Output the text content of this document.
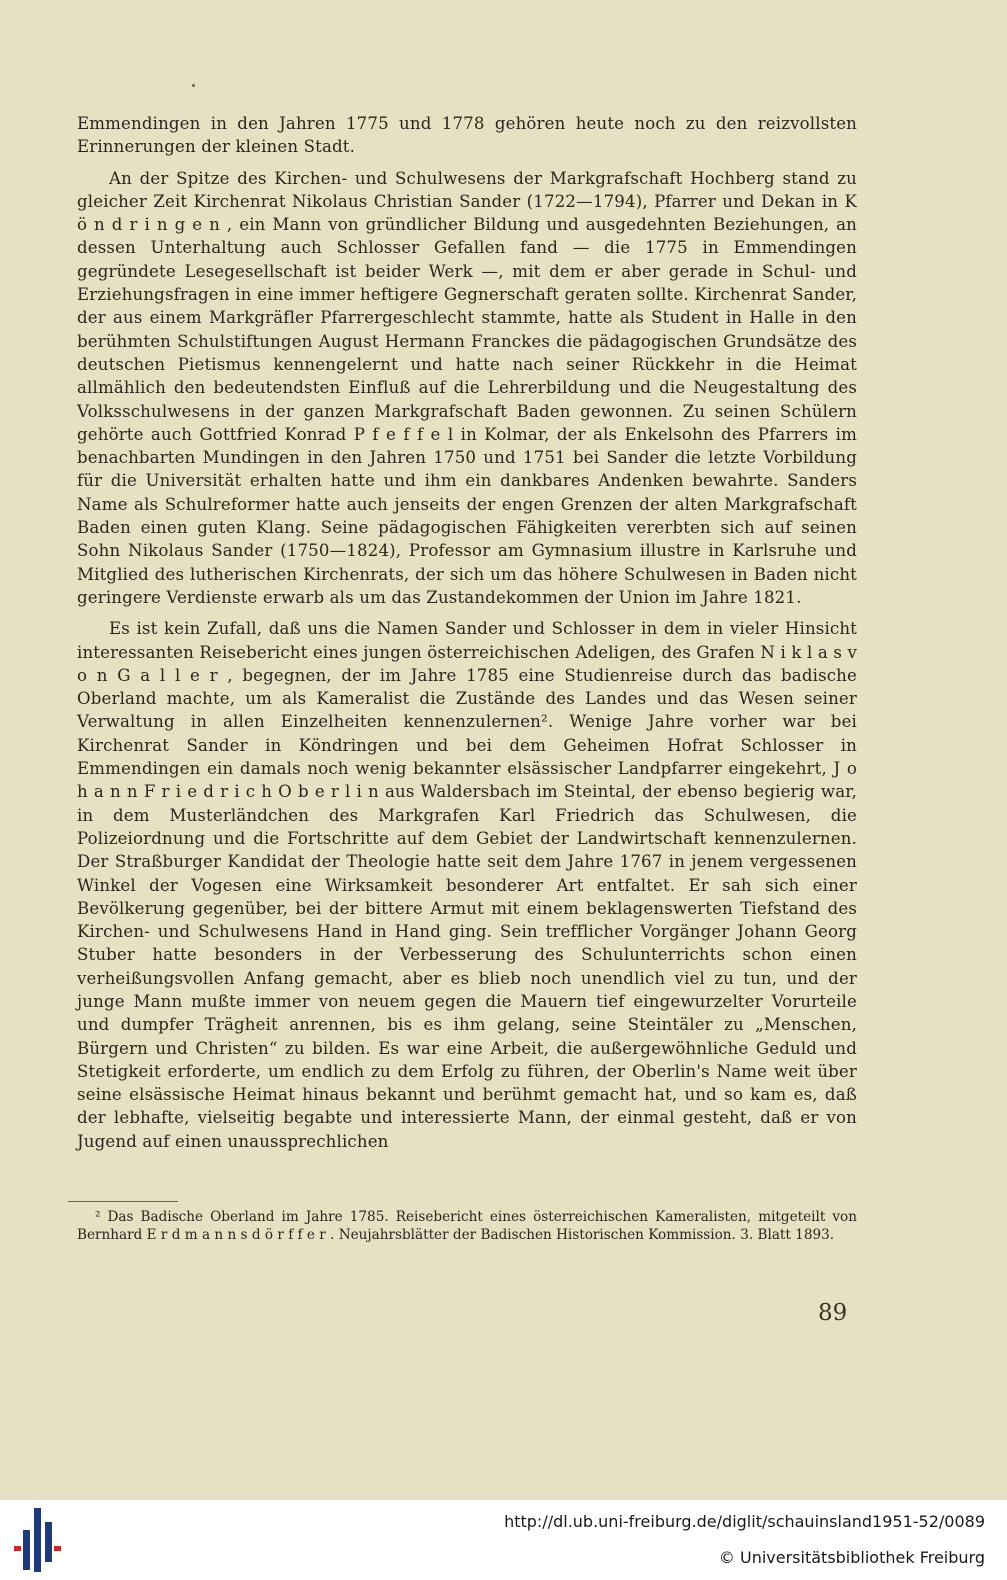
Emmendingen in den Jahren 1775 und 1778 gehören heute noch zu den reizvollsten Erinnerungen der kleinen Stadt.

An der Spitze des Kirchen- und Schulwesens der Markgrafschaft Hochberg stand zu gleicher Zeit Kirchenrat Nikolaus Christian Sander (1722—1794), Pfarrer und Dekan in K ö n d r i n g e n , ein Mann von gründlicher Bildung und ausgedehnten Beziehungen, an dessen Unterhaltung auch Schlosser Gefallen fand — die 1775 in Emmendingen gegründete Lesegesellschaft ist beider Werk —, mit dem er aber gerade in Schul- und Erziehungsfragen in eine immer heftigere Gegnerschaft geraten sollte. Kirchenrat Sander, der aus einem Markgräfler Pfarrergeschlecht stammte, hatte als Student in Halle in den berühmten Schulstiftungen August Hermann Franckes die pädagogischen Grundsätze des deutschen Pietismus kennengelernt und hatte nach seiner Rückkehr in die Heimat allmählich den bedeutendsten Einfluß auf die Lehrerbildung und die Neugestaltung des Volksschulwesens in der ganzen Markgrafschaft Baden gewonnen. Zu seinen Schülern gehörte auch Gottfried Konrad P f e f f e l in Kolmar, der als Enkelsohn des Pfarrers im benachbarten Mundingen in den Jahren 1750 und 1751 bei Sander die letzte Vorbildung für die Universität erhalten hatte und ihm ein dankbares Andenken bewahrte. Sanders Name als Schulreformer hatte auch jenseits der engen Grenzen der alten Markgrafschaft Baden einen guten Klang. Seine pädagogischen Fähigkeiten vererbten sich auf seinen Sohn Nikolaus Sander (1750—1824), Professor am Gymnasium illustre in Karlsruhe und Mitglied des lutherischen Kirchenrats, der sich um das höhere Schulwesen in Baden nicht geringere Verdienste erwarb als um das Zustandekommen der Union im Jahre 1821.

Es ist kein Zufall, daß uns die Namen Sander und Schlosser in dem in vieler Hinsicht interessanten Reisebericht eines jungen österreichischen Adeligen, des Grafen N i k l a s v o n G a l l e r , begegnen, der im Jahre 1785 eine Studienreise durch das badische Oberland machte, um als Kameralist die Zustände des Landes und das Wesen seiner Verwaltung in allen Einzelheiten kennenzulernen². Wenige Jahre vorher war bei Kirchenrat Sander in Köndringen und bei dem Geheimen Hofrat Schlosser in Emmendingen ein damals noch wenig bekannter elsässischer Landpfarrer eingekehrt, J o h a n n F r i e d r i c h O b e r l i n aus Waldersbach im Steintal, der ebenso begierig war, in dem Musterländchen des Markgrafen Karl Friedrich das Schulwesen, die Polizeiordnung und die Fortschritte auf dem Gebiet der Landwirtschaft kennenzulernen. Der Straßburger Kandidat der Theologie hatte seit dem Jahre 1767 in jenem vergessenen Winkel der Vogesen eine Wirksamkeit besonderer Art entfaltet. Er sah sich einer Bevölkerung gegenüber, bei der bittere Armut mit einem beklagenswerten Tiefstand des Kirchen- und Schulwesens Hand in Hand ging. Sein trefflicher Vorgänger Johann Georg Stuber hatte besonders in der Verbesserung des Schulunterrichts schon einen verheißungsvollen Anfang gemacht, aber es blieb noch unendlich viel zu tun, und der junge Mann mußte immer von neuem gegen die Mauern tief eingewurzelter Vorurteile und dumpfer Trägheit anrennen, bis es ihm gelang, seine Steintäler zu „Menschen, Bürgern und Christen“ zu bilden. Es war eine Arbeit, die außergewöhnliche Geduld und Stetigkeit erforderte, um endlich zu dem Erfolg zu führen, der Oberlin's Name weit über seine elsässische Heimat hinaus bekannt und berühmt gemacht hat, und so kam es, daß der lebhafte, vielseitig begabte und interessierte Mann, der einmal gesteht, daß er von Jugend auf einen unaussprechlichen

² Das Badische Oberland im Jahre 1785. Reisebericht eines österreichischen Kameralisten, mitgeteilt von Bernhard E r d m a n n s d ö r f f e r . Neujahrsblätter der Badischen Historischen Kommission. 3. Blatt 1893.

89
http://dl.ub.uni-freiburg.de/diglit/schauinsland1951-52/0089
© Universitätsbibliothek Freiburg
